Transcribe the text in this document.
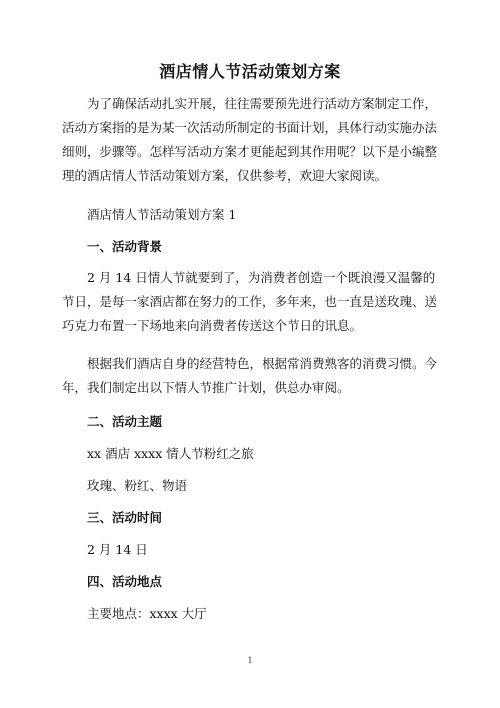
酒店情人节活动策划方案

为了确保活动扎实开展，往往需要预先进行活动方案制定工作，活动方案指的是为某一次活动所制定的书面计划，具体行动实施办法细则，步骤等。怎样写活动方案才更能起到其作用呢？以下是小编整理的酒店情人节活动策划方案，仅供参考，欢迎大家阅读。

酒店情人节活动策划方案 1

一、活动背景

2 月 14 日情人节就要到了，为消费者创造一个既浪漫又温馨的节日，是每一家酒店都在努力的工作，多年来，也一直是送玫瑰、送巧克力布置一下场地来向消费者传送这个节日的讯息。

根据我们酒店自身的经营特色，根据常消费熟客的消费习惯。今年，我们制定出以下情人节推广计划，供总办审阅。

二、活动主题

xx 酒店 xxxx 情人节粉红之旅

玫瑰、粉红、物语

三、活动时间

2 月 14 日

四、活动地点

主要地点：xxxx 大厅

1
